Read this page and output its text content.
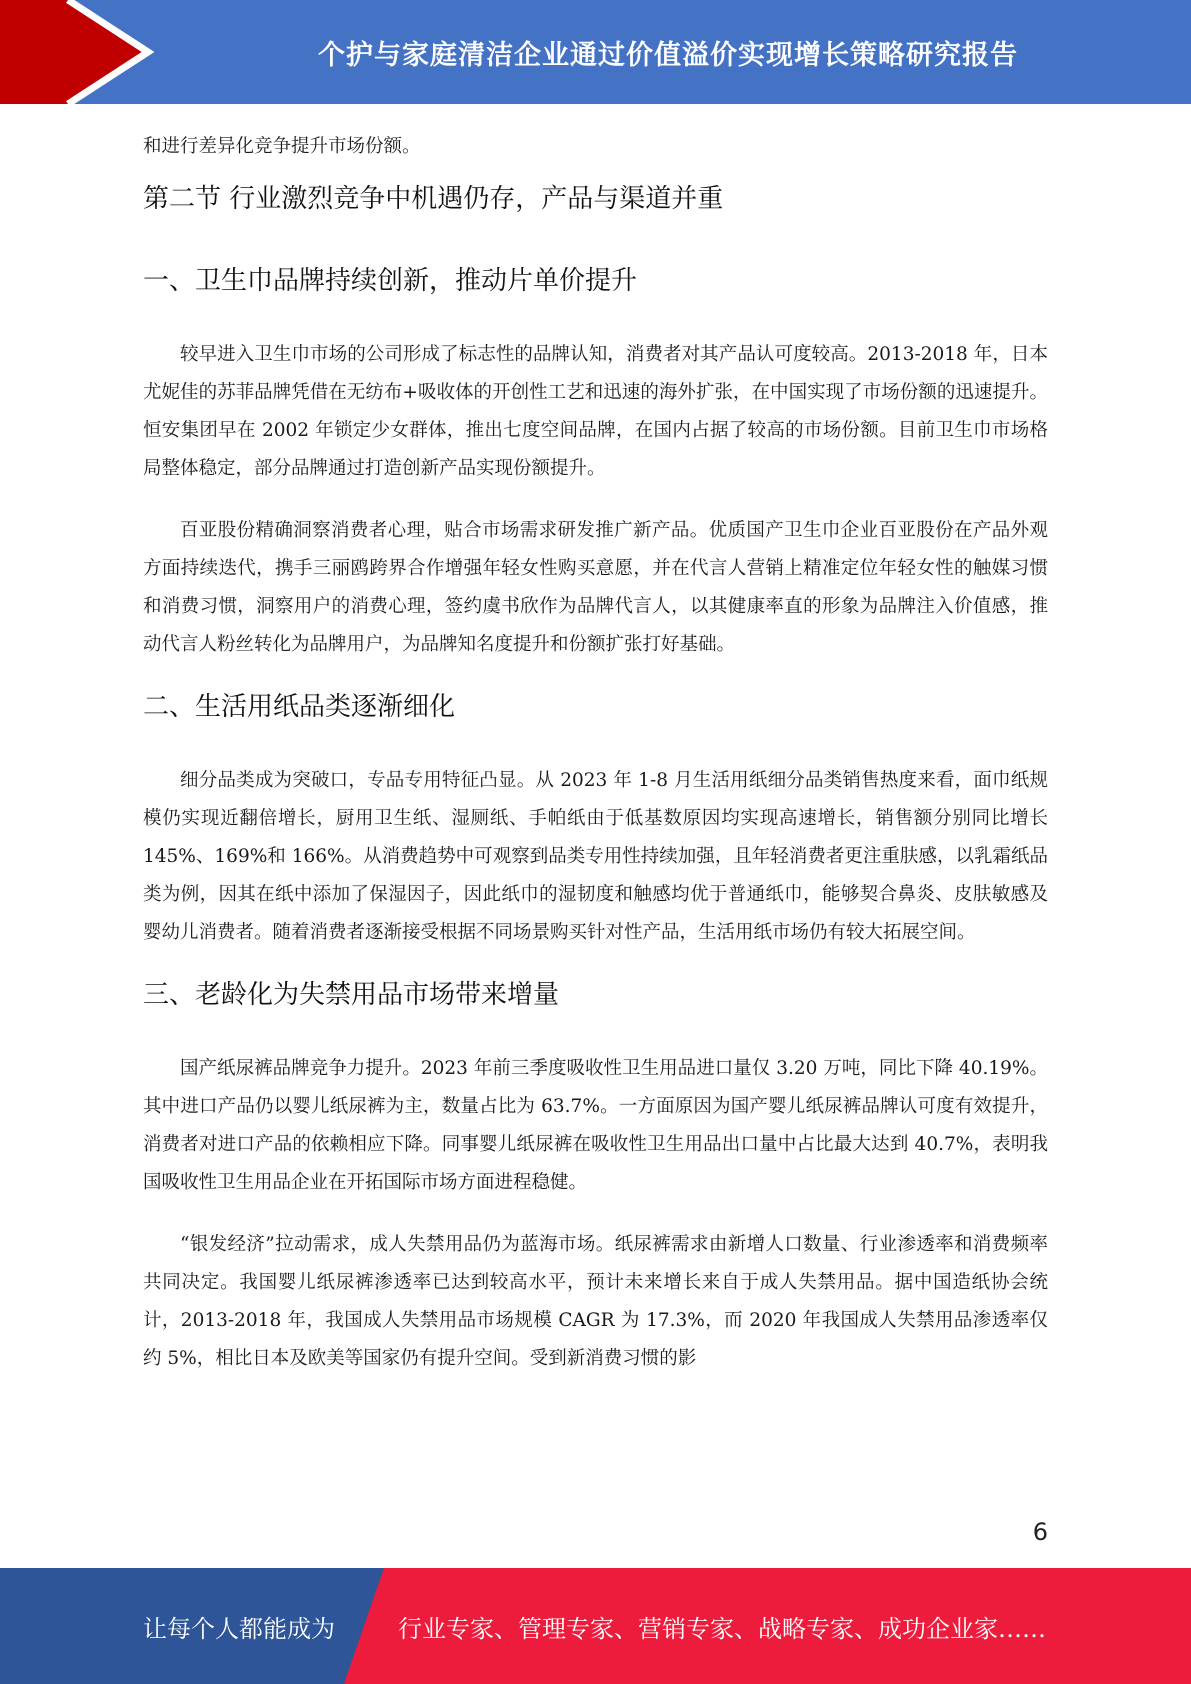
个护与家庭清洁企业通过价值溢价实现增长策略研究报告

和进行差异化竞争提升市场份额。

第二节 行业激烈竞争中机遇仍存，产品与渠道并重
一、卫生巾品牌持续创新，推动片单价提升

较早进入卫生巾市场的公司形成了标志性的品牌认知，消费者对其产品认可度较高。2013-2018 年，日本尤妮佳的苏菲品牌凭借在无纺布+吸收体的开创性工艺和迅速的海外扩张，在中国实现了市场份额的迅速提升。恒安集团早在 2002 年锁定少女群体，推出七度空间品牌，在国内占据了较高的市场份额。目前卫生巾市场格局整体稳定，部分品牌通过打造创新产品实现份额提升。

百亚股份精确洞察消费者心理，贴合市场需求研发推广新产品。优质国产卫生巾企业百亚股份在产品外观方面持续迭代，携手三丽鸥跨界合作增强年轻女性购买意愿，并在代言人营销上精准定位年轻女性的触媒习惯和消费习惯，洞察用户的消费心理，签约虞书欣作为品牌代言人，以其健康率直的形象为品牌注入价值感，推动代言人粉丝转化为品牌用户，为品牌知名度提升和份额扩张打好基础。

二、生活用纸品类逐渐细化

细分品类成为突破口，专品专用特征凸显。从 2023 年 1-8 月生活用纸细分品类销售热度来看，面巾纸规模仍实现近翻倍增长，厨用卫生纸、湿厕纸、手帕纸由于低基数原因均实现高速增长，销售额分别同比增长 145%、169%和 166%。从消费趋势中可观察到品类专用性持续加强，且年轻消费者更注重肤感，以乳霜纸品类为例，因其在纸中添加了保湿因子，因此纸巾的湿韧度和触感均优于普通纸巾，能够契合鼻炎、皮肤敏感及婴幼儿消费者。随着消费者逐渐接受根据不同场景购买针对性产品，生活用纸市场仍有较大拓展空间。

三、老龄化为失禁用品市场带来增量

国产纸尿裤品牌竞争力提升。2023 年前三季度吸收性卫生用品进口量仅 3.20 万吨，同比下降 40.19%。其中进口产品仍以婴儿纸尿裤为主，数量占比为 63.7%。一方面原因为国产婴儿纸尿裤品牌认可度有效提升，消费者对进口产品的依赖相应下降。同事婴儿纸尿裤在吸收性卫生用品出口量中占比最大达到 40.7%，表明我国吸收性卫生用品企业在开拓国际市场方面进程稳健。

“银发经济”拉动需求，成人失禁用品仍为蓝海市场。纸尿裤需求由新增人口数量、行业渗透率和消费频率共同决定。我国婴儿纸尿裤渗透率已达到较高水平，预计未来增长来自于成人失禁用品。据中国造纸协会统计，2013-2018 年，我国成人失禁用品市场规模 CAGR 为 17.3%，而 2020 年我国成人失禁用品渗透率仅约 5%，相比日本及欧美等国家仍有提升空间。受到新消费习惯的影

6
让每个人都能成为	行业专家、管理专家、营销专家、战略专家、成功企业家……
